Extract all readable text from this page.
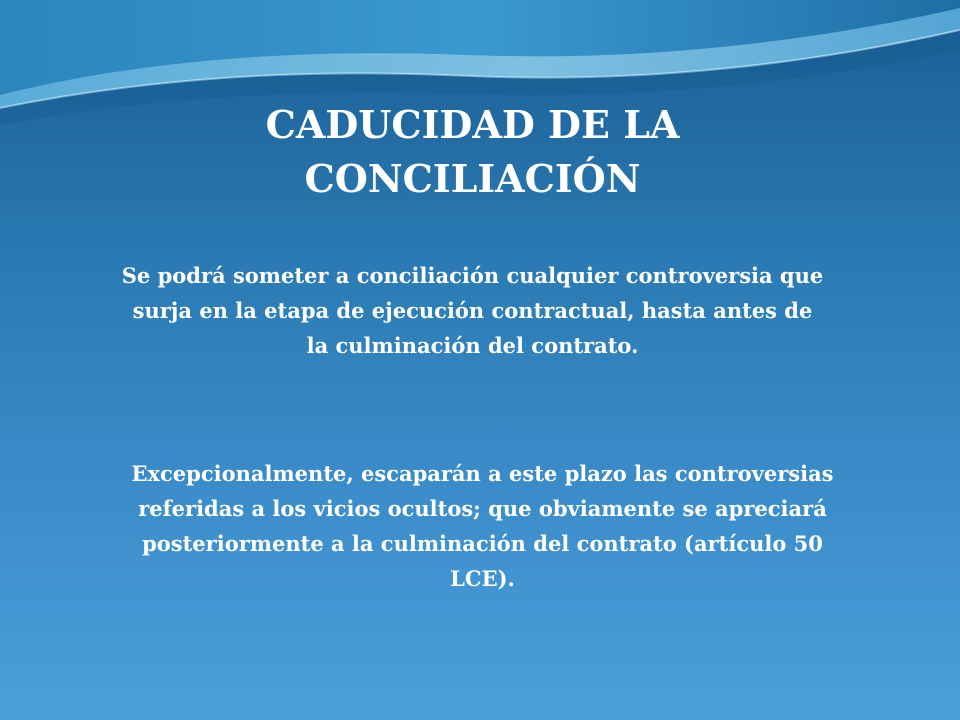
CADUCIDAD DE LA
CONCILIACIÓN
Se podrá someter a conciliación cualquier controversia que surja en la etapa de ejecución contractual, hasta antes de la culminación del contrato.
Excepcionalmente, escaparán a este plazo las controversias referidas a los vicios ocultos; que obviamente se apreciará posteriormente a la culminación del contrato (artículo 50 LCE).
